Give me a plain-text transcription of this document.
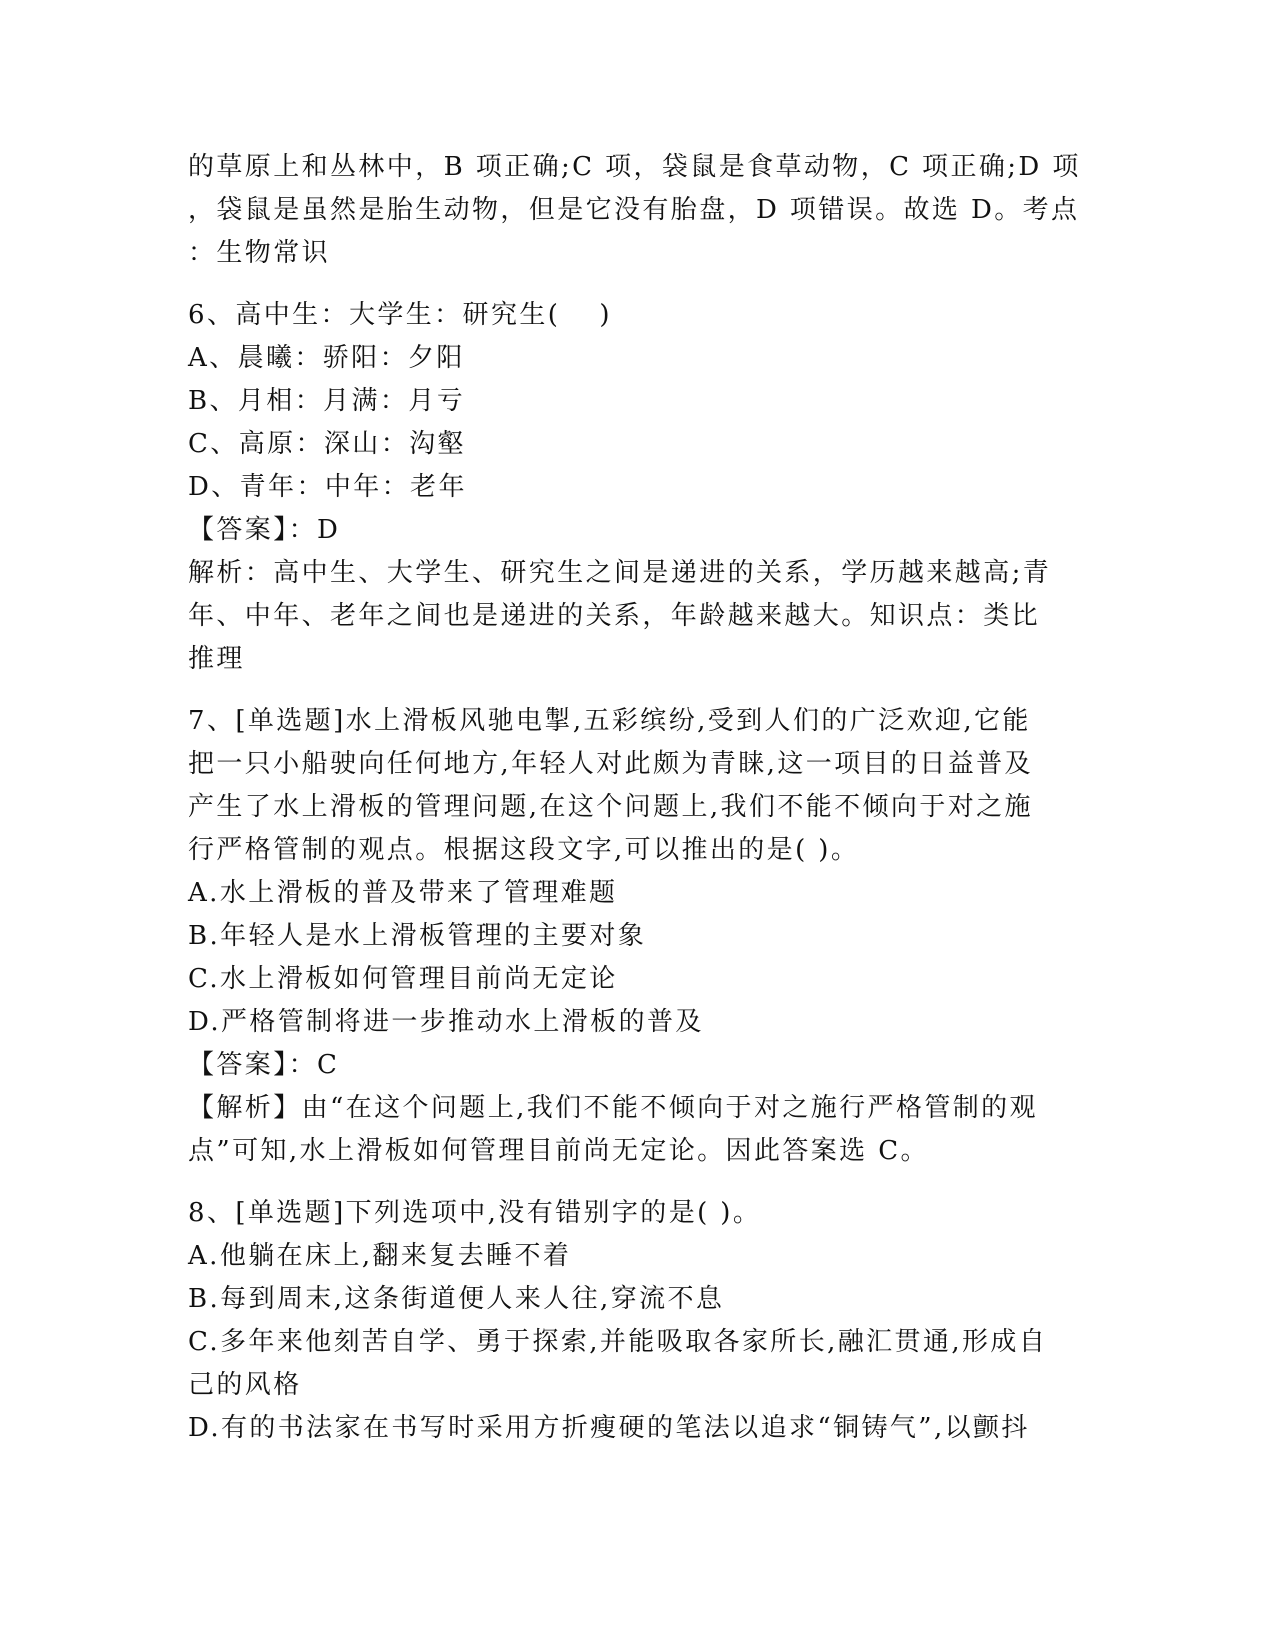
的草原上和丛林中，B 项正确;C 项，袋鼠是食草动物，C 项正确;D 项
，袋鼠是虽然是胎生动物，但是它没有胎盘，D 项错误。故选 D。考点
：生物常识
6、高中生：大学生：研究生(　 )
A、晨曦：骄阳：夕阳
B、月相：月满：月亏
C、高原：深山：沟壑
D、青年：中年：老年
【答案】：D
解析：高中生、大学生、研究生之间是递进的关系，学历越来越高;青
年、中年、老年之间也是递进的关系，年龄越来越大。知识点：类比
推理
7、[单选题]水上滑板风驰电掣,五彩缤纷,受到人们的广泛欢迎,它能
把一只小船驶向任何地方,年轻人对此颇为青睐,这一项目的日益普及
产生了水上滑板的管理问题,在这个问题上,我们不能不倾向于对之施
行严格管制的观点。根据这段文字,可以推出的是( )。
A.水上滑板的普及带来了管理难题
B.年轻人是水上滑板管理的主要对象
C.水上滑板如何管理目前尚无定论
D.严格管制将进一步推动水上滑板的普及
【答案】：C
【解析】由“在这个问题上,我们不能不倾向于对之施行严格管制的观
点”可知,水上滑板如何管理目前尚无定论。因此答案选 C。
8、[单选题]下列选项中,没有错别字的是( )。
A.他躺在床上,翻来复去睡不着
B.每到周末,这条街道便人来人往,穿流不息
C.多年来他刻苦自学、勇于探索,并能吸取各家所长,融汇贯通,形成自
己的风格
D.有的书法家在书写时采用方折瘦硬的笔法以追求“铜铸气”,以颤抖
